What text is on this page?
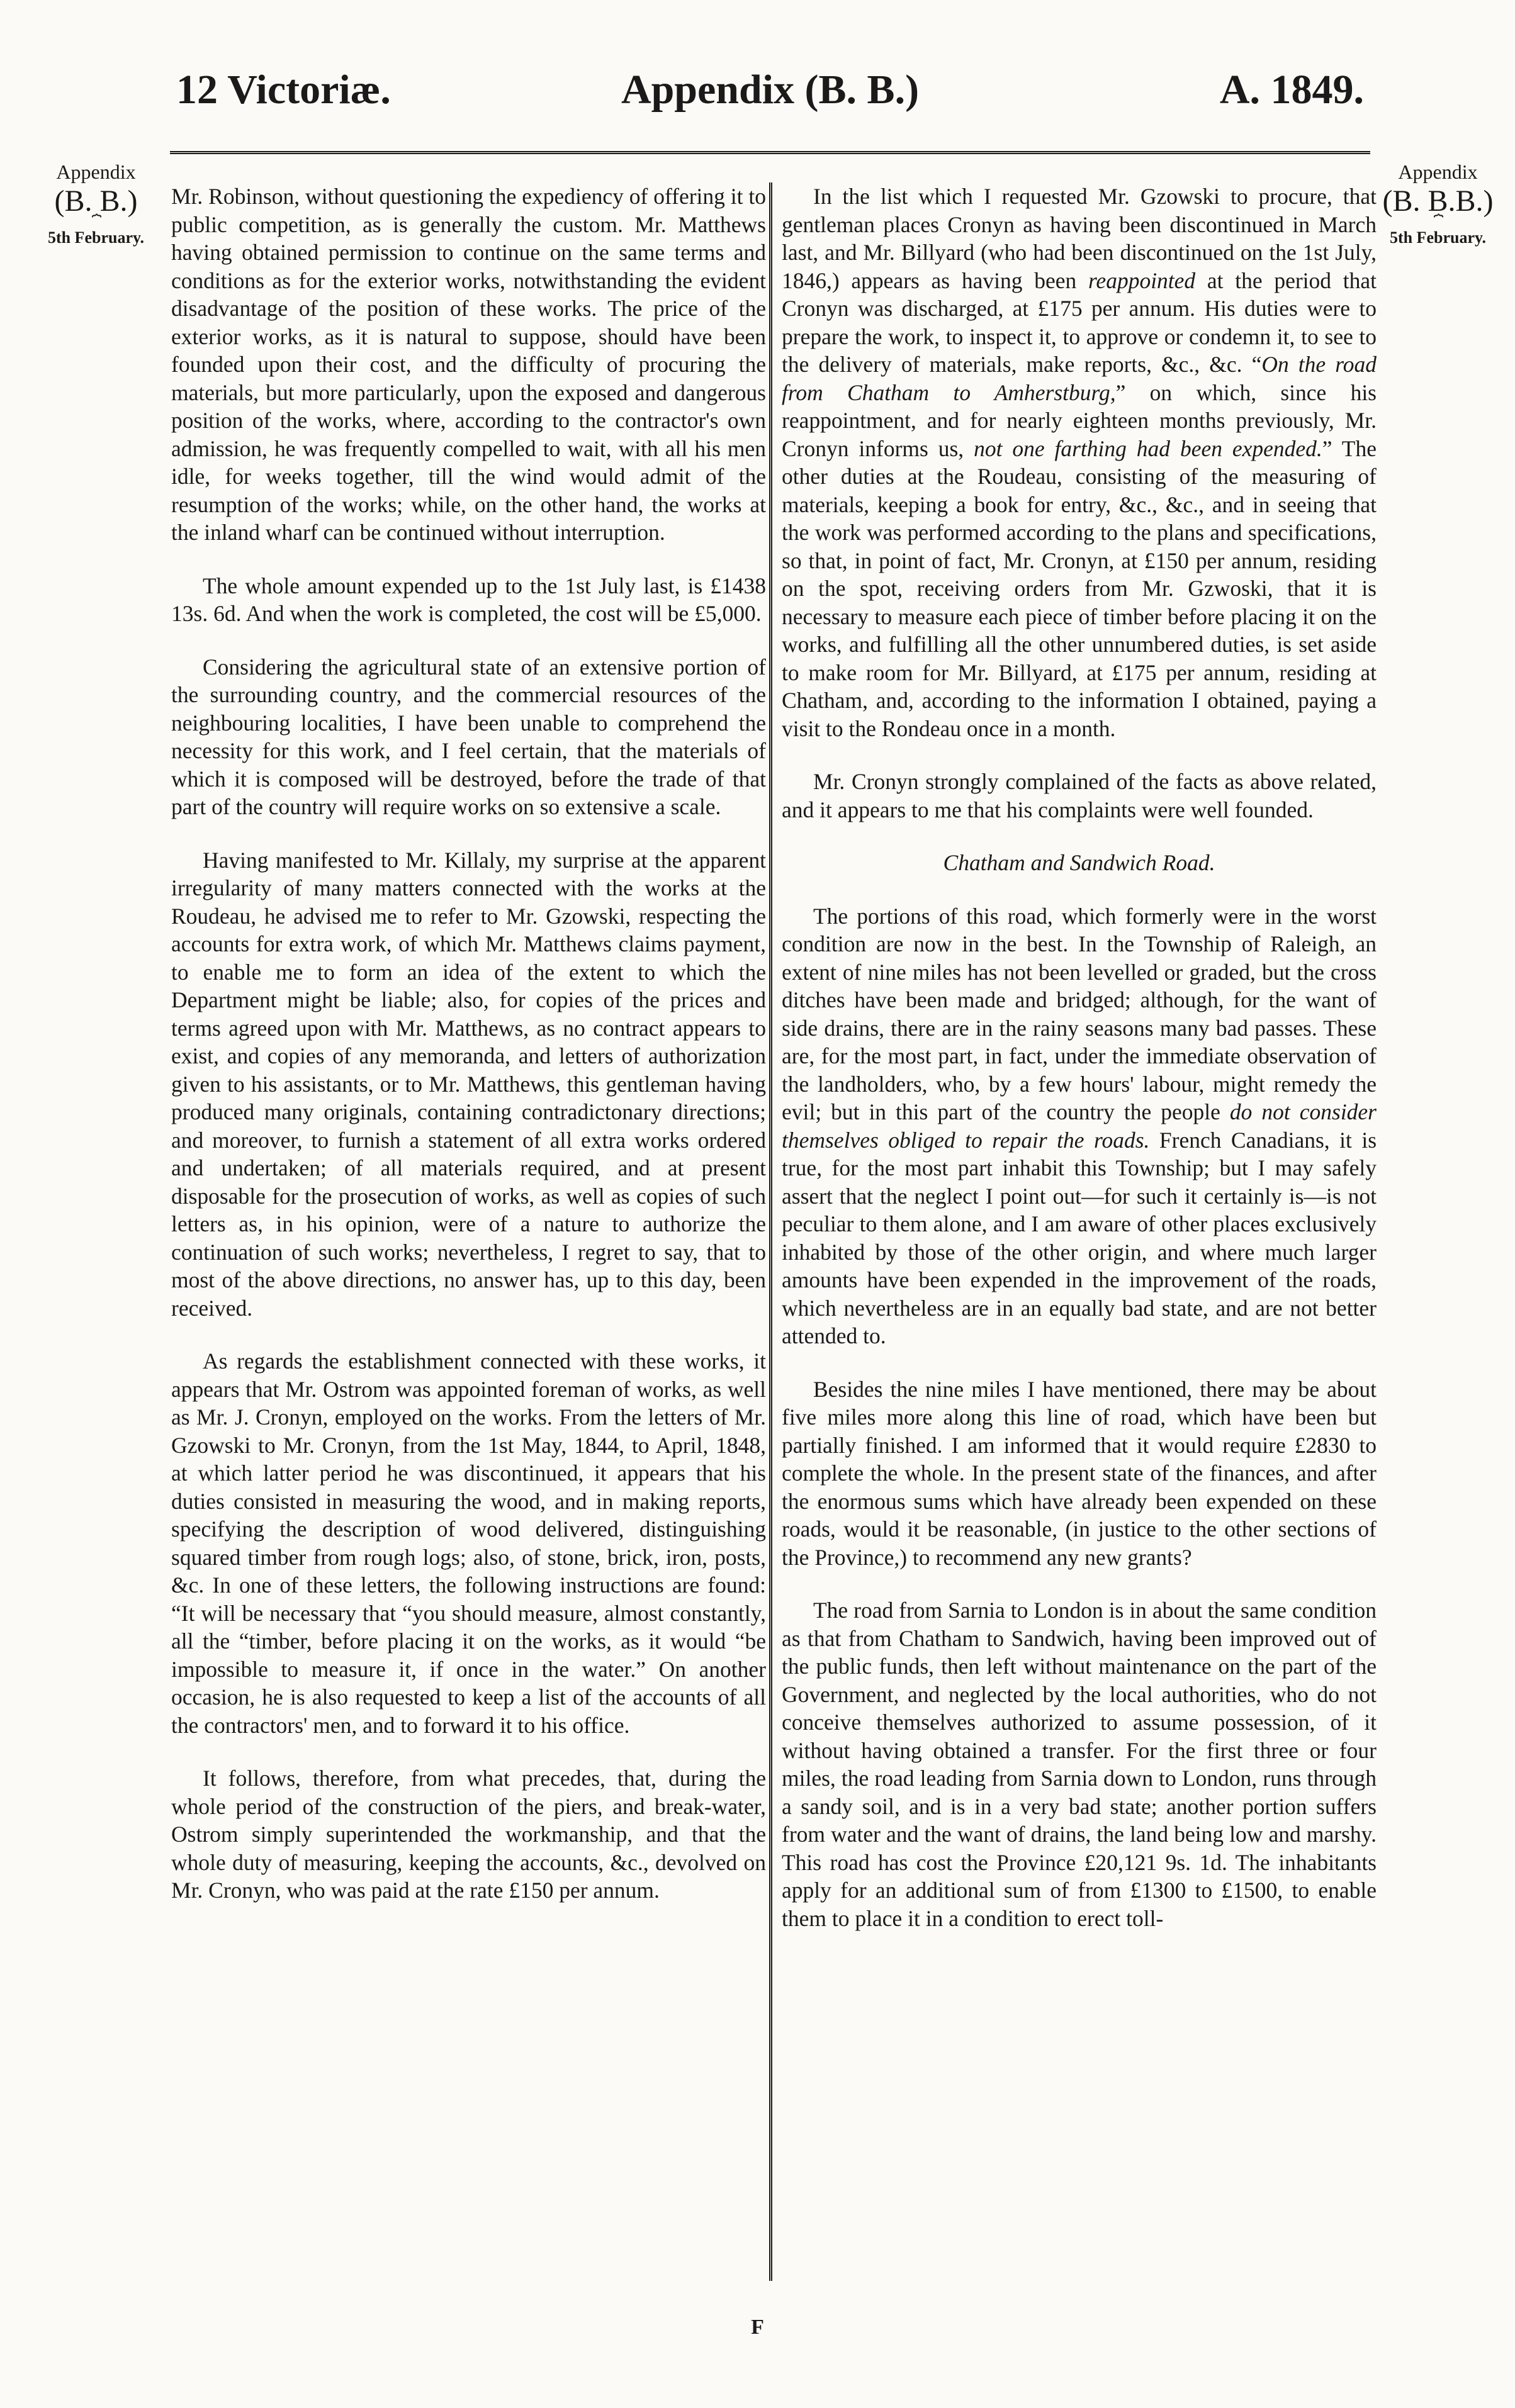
12 Victoriæ.	Appendix (B. B.)	A. 1849.
Appendix
(B. B.)
⏞
5th February.
Appendix
(B. B.B.)
⏞
5th February.

Mr. Robinson, without questioning the expediency of offering it to public competition, as is generally the custom. Mr. Matthews having obtained permission to continue on the same terms and conditions as for the exterior works, notwithstanding the evident disadvantage of the position of these works. The price of the exterior works, as it is natural to suppose, should have been founded upon their cost, and the difficulty of procuring the materials, but more particularly, upon the exposed and dangerous position of the works, where, according to the contractor's own admission, he was frequently compelled to wait, with all his men idle, for weeks together, till the wind would admit of the resumption of the works; while, on the other hand, the works at the inland wharf can be continued without interruption.

The whole amount expended up to the 1st July last, is £1438 13s. 6d. And when the work is completed, the cost will be £5,000.

Considering the agricultural state of an extensive portion of the surrounding country, and the commercial resources of the neighbouring localities, I have been unable to comprehend the necessity for this work, and I feel certain, that the materials of which it is composed will be destroyed, before the trade of that part of the country will require works on so extensive a scale.

Having manifested to Mr. Killaly, my surprise at the apparent irregularity of many matters connected with the works at the Roudeau, he advised me to refer to Mr. Gzowski, respecting the accounts for extra work, of which Mr. Matthews claims payment, to enable me to form an idea of the extent to which the Department might be liable; also, for copies of the prices and terms agreed upon with Mr. Matthews, as no contract appears to exist, and copies of any memoranda, and letters of authorization given to his assistants, or to Mr. Matthews, this gentleman having produced many originals, containing contradictonary directions; and moreover, to furnish a statement of all extra works ordered and undertaken; of all materials required, and at present disposable for the prosecution of works, as well as copies of such letters as, in his opinion, were of a nature to authorize the continuation of such works; nevertheless, I regret to say, that to most of the above directions, no answer has, up to this day, been received.

As regards the establishment connected with these works, it appears that Mr. Ostrom was appointed foreman of works, as well as Mr. J. Cronyn, employed on the works. From the letters of Mr. Gzowski to Mr. Cronyn, from the 1st May, 1844, to April, 1848, at which latter period he was discontinued, it appears that his duties consisted in measuring the wood, and in making reports, specifying the description of wood delivered, distinguishing squared timber from rough logs; also, of stone, brick, iron, posts, &c. In one of these letters, the following instructions are found: “It will be necessary that “you should measure, almost constantly, all the “timber, before placing it on the works, as it would “be impossible to measure it, if once in the water.” On another occasion, he is also requested to keep a list of the accounts of all the contractors' men, and to forward it to his office.

It follows, therefore, from what precedes, that, during the whole period of the construction of the piers, and break-water, Ostrom simply superintended the workmanship, and that the whole duty of measuring, keeping the accounts, &c., devolved on Mr. Cronyn, who was paid at the rate £150 per annum.

In the list which I requested Mr. Gzowski to procure, that gentleman places Cronyn as having been discontinued in March last, and Mr. Billyard (who had been discontinued on the 1st July, 1846,) appears as having been reappointed at the period that Cronyn was discharged, at £175 per annum. His duties were to prepare the work, to inspect it, to approve or condemn it, to see to the delivery of materials, make reports, &c., &c. “On the road from Chatham to Amherstburg,” on which, since his reappointment, and for nearly eighteen months previously, Mr. Cronyn informs us, not one farthing had been expended.” The other duties at the Roudeau, consisting of the measuring of materials, keeping a book for entry, &c., &c., and in seeing that the work was performed according to the plans and specifications, so that, in point of fact, Mr. Cronyn, at £150 per annum, residing on the spot, receiving orders from Mr. Gzwoski, that it is necessary to measure each piece of timber before placing it on the works, and fulfilling all the other unnumbered duties, is set aside to make room for Mr. Billyard, at £175 per annum, residing at Chatham, and, according to the information I obtained, paying a visit to the Rondeau once in a month.

Mr. Cronyn strongly complained of the facts as above related, and it appears to me that his complaints were well founded.

Chatham and Sandwich Road.

The portions of this road, which formerly were in the worst condition are now in the best. In the Township of Raleigh, an extent of nine miles has not been levelled or graded, but the cross ditches have been made and bridged; although, for the want of side drains, there are in the rainy seasons many bad passes. These are, for the most part, in fact, under the immediate observation of the landholders, who, by a few hours' labour, might remedy the evil; but in this part of the country the people do not consider themselves obliged to repair the roads. French Canadians, it is true, for the most part inhabit this Township; but I may safely assert that the neglect I point out—for such it certainly is—is not peculiar to them alone, and I am aware of other places exclusively inhabited by those of the other origin, and where much larger amounts have been expended in the improvement of the roads, which nevertheless are in an equally bad state, and are not better attended to.

Besides the nine miles I have mentioned, there may be about five miles more along this line of road, which have been but partially finished. I am informed that it would require £2830 to complete the whole. In the present state of the finances, and after the enormous sums which have already been expended on these roads, would it be reasonable, (in justice to the other sections of the Province,) to recommend any new grants?

The road from Sarnia to London is in about the same condition as that from Chatham to Sandwich, having been improved out of the public funds, then left without maintenance on the part of the Government, and neglected by the local authorities, who do not conceive themselves authorized to assume possession, of it without having obtained a transfer. For the first three or four miles, the road leading from Sarnia down to London, runs through a sandy soil, and is in a very bad state; another portion suffers from water and the want of drains, the land being low and marshy. This road has cost the Province £20,121 9s. 1d. The inhabitants apply for an additional sum of from £1300 to £1500, to enable them to place it in a condition to erect toll-

F
